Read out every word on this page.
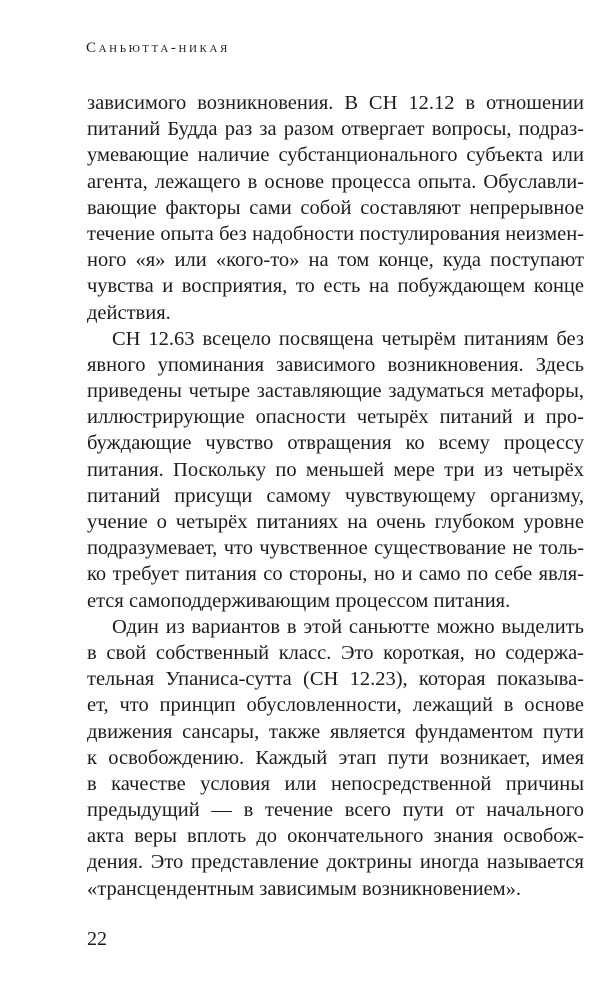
Саньютта-никая
зависимого возникновения. В СН 12.12 в отношении
питаний Будда раз за разом отвергает вопросы, подраз-
умевающие наличие субстанционального субъекта или
агента, лежащего в основе процесса опыта. Обуславли-
вающие факторы сами собой составляют непрерывное
течение опыта без надобности постулирования неизмен-
ного «я» или «кого-то» на том конце, куда поступают
чувства и восприятия, то есть на побуждающем конце
действия.
СН 12.63 всецело посвящена четырём питаниям без
явного упоминания зависимого возникновения. Здесь
приведены четыре заставляющие задуматься метафоры,
иллюстрирующие опасности четырёх питаний и про-
буждающие чувство отвращения ко всему процессу
питания. Поскольку по меньшей мере три из четырёх
питаний присущи самому чувствующему организму,
учение о четырёх питаниях на очень глубоком уровне
подразумевает, что чувственное существование не толь-
ко требует питания со стороны, но и само по себе явля-
ется самоподдерживающим процессом питания.
Один из вариантов в этой саньютте можно выделить
в свой собственный класс. Это короткая, но содержа-
тельная Упаниса-сутта (СН 12.23), которая показыва-
ет, что принцип обусловленности, лежащий в основе
движения сансары, также является фундаментом пути
к освобождению. Каждый этап пути возникает, имея
в качестве условия или непосредственной причины
предыдущий — в течение всего пути от начального
акта веры вплоть до окончательного знания освобож-
дения. Это представление доктрины иногда называется
«трансцендентным зависимым возникновением».
22
